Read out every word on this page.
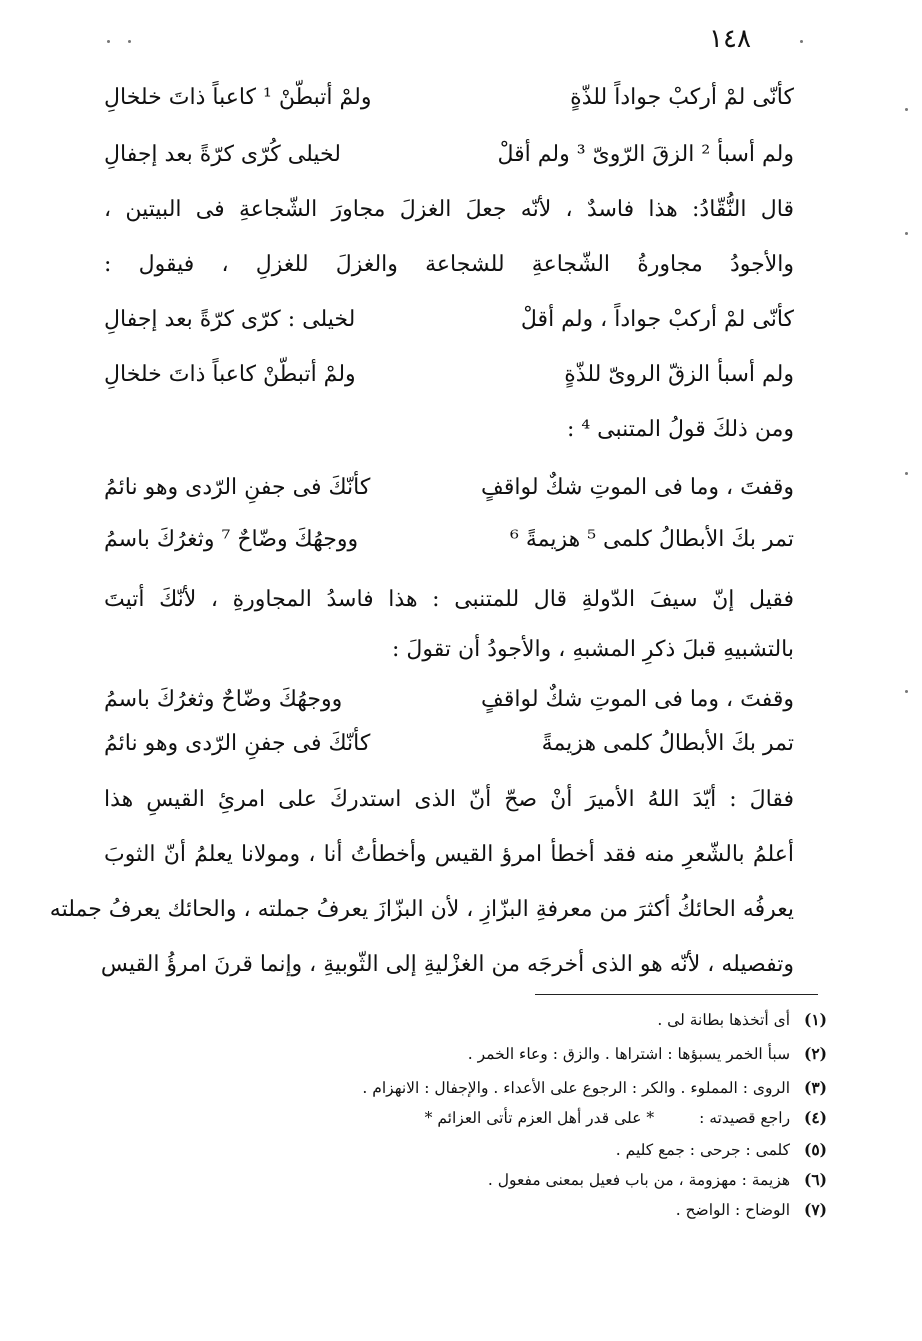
١٤٨
كأنّى لمْ أركبْ جواداً للذّةٍ
ولمْ أتبطّنْ ¹ كاعباً ذاتَ خلخالِ
ولم أسبأ ² الزقَ الرّوىّ ³ ولم أقلْ
لخيلى كُرّى كرّةً بعد إجفالِ
قال النُّقّادُ: هذا فاسدٌ ، لأنّه جعلَ الغزلَ مجاورَ الشّجاعةِ فى البيتين ،
والأجودُ مجاورةُ الشّجاعةِ للشجاعة والغزلَ للغزلِ ، فيقول :
كأنّى لمْ أركبْ جواداً ، ولم أقلْ
لخيلى : كرّى كرّةً بعد إجفالِ
ولم أسبأ الزقّ الروىّ للذّةٍ
ولمْ أتبطّنْ كاعباً ذاتَ خلخالِ
ومن ذلكَ قولُ المتنبى ⁴ :
وقفتَ ، وما فى الموتِ شكٌ لواقفٍ
كأنّكَ فى جفنِ الرّدى وهو نائمُ
تمر بكَ الأبطالُ كلمى ⁵ هزيمةً ⁶
ووجهُكَ وضّاحٌ ⁷ وثغرُكَ باسمُ
فقيل إنّ سيفَ الدّولةِ قال للمتنبى : هذا فاسدُ المجاورةِ ، لأنّكَ أتيتَ
بالتشبيهِ قبلَ ذكرِ المشبهِ ، والأجودُ أن تقولَ :
وقفتَ ، وما فى الموتِ شكٌ لواقفٍ
ووجهُكَ وضّاحٌ وثغرُكَ باسمُ
تمر بكَ الأبطالُ كلمى هزيمةً
كأنّكَ فى جفنِ الرّدى وهو نائمُ
فقالَ : أيّدَ اللهُ الأميرَ أنْ صحّ أنّ الذى استدركَ على امرئِ القيسِ هذا
أعلمُ بالشّعرِ منه فقد أخطأ امرؤ القيس وأخطأتُ أنا ، ومولانا يعلمُ أنّ الثوبَ
يعرفُه الحائكُ أكثرَ من معرفةِ البزّازِ ، لأن البزّازَ يعرفُ جملته ، والحائك يعرفُ جملته
وتفصيله ، لأنّه هو الذى أخرجَه من الغزْليةِ إلى الثّوبيةِ ، وإنما قرنَ امرؤُ القيس
(١) أى أتخذها بطانة لى .
(٢) سبأ الخمر يسبؤها : اشتراها . والزق : وعاء الخمر .
(٣) الروى : المملوء . والكر : الرجوع على الأعداء . والإجفال : الانهزام .
(٤) راجع قصيدته : * على قدر أهل العزم تأتى العزائم *
(٥) كلمى : جرحى : جمع كليم .
(٦) هزيمة : مهزومة ، من باب فعيل بمعنى مفعول .
(٧) الوضاح : الواضح .
